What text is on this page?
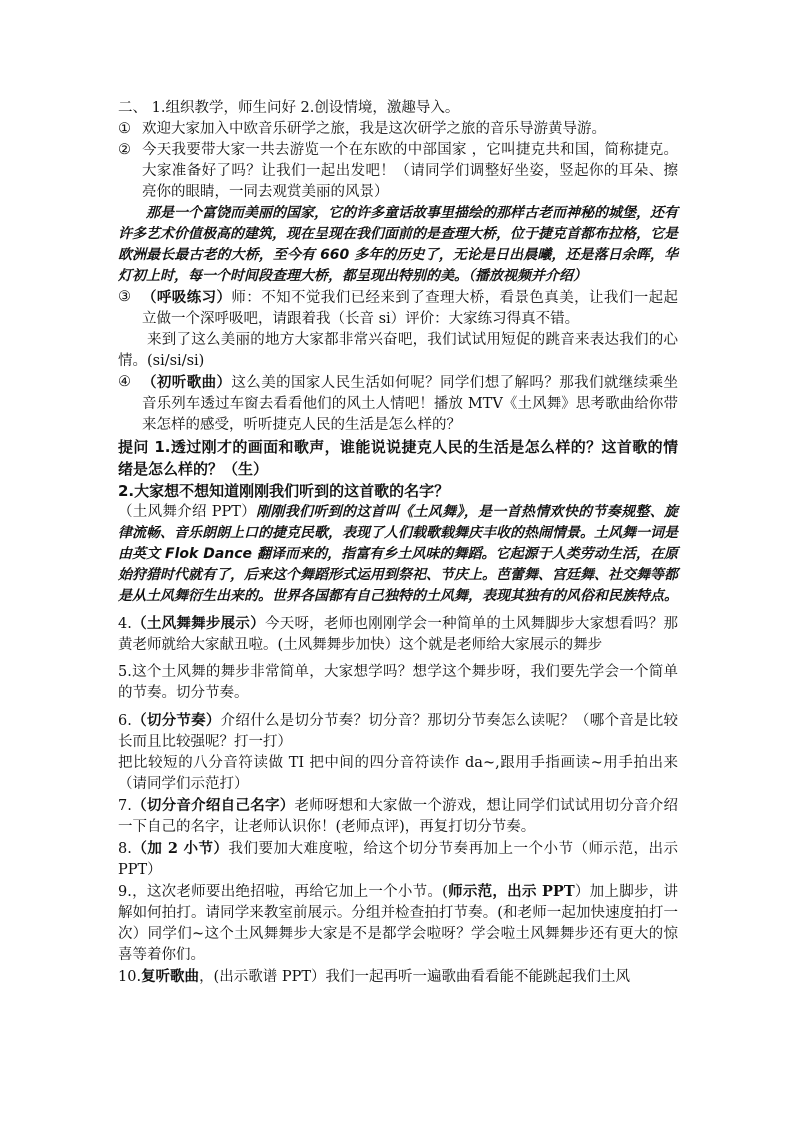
二、 1.组织教学，师生问好 2.创设情境，激趣导入。

① 欢迎大家加入中欧音乐研学之旅，我是这次研学之旅的音乐导游黄导游。

② 今天我要带大家一共去游览一个在东欧的中部国家 ，它叫捷克共和国，简称捷克。大家准备好了吗？让我们一起出发吧！（请同学们调整好坐姿，竖起你的耳朵、擦亮你的眼睛，一同去观赏美丽的风景）

那是一个富饶而美丽的国家，它的许多童话故事里描绘的那样古老而神秘的城堡，还有许多艺术价值极高的建筑，现在呈现在我们面前的是查理大桥，位于捷克首都布拉格，它是欧洲最长最古老的大桥，至今有 660 多年的历史了，无论是日出晨曦，还是落日余晖，华灯初上时，每一个时间段查理大桥，都呈现出特别的美。（播放视频并介绍）

③ （呼吸练习）师：不知不觉我们已经来到了查理大桥，看景色真美，让我们一起起立做一个深呼吸吧，请跟着我（长音 si）评价：大家练习得真不错。

来到了这么美丽的地方大家都非常兴奋吧，我们试试用短促的跳音来表达我们的心情。(si/si/si)

④ （初听歌曲）这么美的国家人民生活如何呢？同学们想了解吗？那我们就继续乘坐音乐列车透过车窗去看看他们的风土人情吧！播放 MTV《土风舞》思考歌曲给你带来怎样的感受，听听捷克人民的生活是怎么样的？

提问 1.透过刚才的画面和歌声，谁能说说捷克人民的生活是怎么样的？这首歌的情绪是怎么样的？（生）

2.大家想不想知道刚刚我们听到的这首歌的名字？

（土风舞介绍 PPT）刚刚我们听到的这首叫《土风舞》，是一首热情欢快的节奏规整、旋律流畅、音乐朗朗上口的捷克民歌，表现了人们载歌载舞庆丰收的热闹情景。土风舞一词是由英文 Flok Dance 翻译而来的，指富有乡土风味的舞蹈。它起源于人类劳动生活，在原始狩猎时代就有了，后来这个舞蹈形式运用到祭祀、节庆上。芭蕾舞、宫廷舞、社交舞等都是从土风舞衍生出来的。世界各国都有自己独特的土风舞，表现其独有的风俗和民族特点。

4.（土风舞舞步展示）今天呀，老师也刚刚学会一种简单的土风舞脚步大家想看吗？那黄老师就给大家献丑啦。(土风舞舞步加快）这个就是老师给大家展示的舞步

5.这个土风舞的舞步非常简单，大家想学吗？想学这个舞步呀，我们要先学会一个简单的节奏。切分节奏。

6.（切分节奏）介绍什么是切分节奏？切分音？那切分节奏怎么读呢？（哪个音是比较长而且比较强呢？打一打）

把比较短的八分音符读做 TI 把中间的四分音符读作 da~,跟用手指画读~用手拍出来（请同学们示范打）

7.（切分音介绍自己名字）老师呀想和大家做一个游戏，想让同学们试试用切分音介绍一下自己的名字，让老师认识你！(老师点评)，再复打切分节奏。

8.（加 2 小节）我们要加大难度啦，给这个切分节奏再加上一个小节（师示范，出示 PPT）

9.，这次老师要出绝招啦，再给它加上一个小节。(师示范，出示 PPT）加上脚步，讲解如何拍打。请同学来教室前展示。分组并检查拍打节奏。(和老师一起加快速度拍打一次）同学们~这个土风舞舞步大家是不是都学会啦呀？学会啦土风舞舞步还有更大的惊喜等着你们。

10.复听歌曲，(出示歌谱 PPT）我们一起再听一遍歌曲看看能不能跳起我们土风
